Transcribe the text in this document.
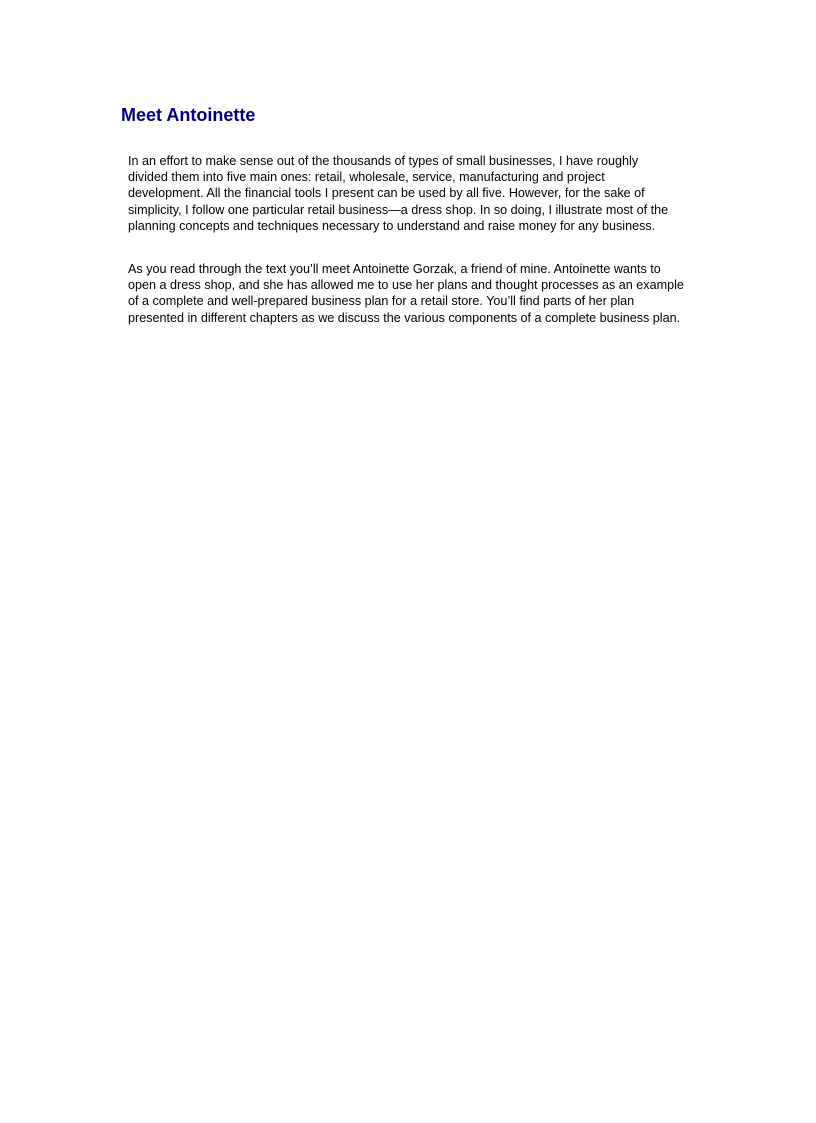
Meet Antoinette

In an effort to make sense out of the thousands of types of small businesses, I have roughly
divided them into five main ones: retail, wholesale, service, manufacturing and project
development. All the financial tools I present can be used by all five. However, for the sake of
simplicity, I follow one particular retail business—a dress shop. In so doing, I illustrate most of the
planning concepts and techniques necessary to understand and raise money for any business.

As you read through the text you’ll meet Antoinette Gorzak, a friend of mine. Antoinette wants to
open a dress shop, and she has allowed me to use her plans and thought processes as an example
of a complete and well-prepared business plan for a retail store. You’ll find parts of her plan
presented in different chapters as we discuss the various components of a complete business plan.
